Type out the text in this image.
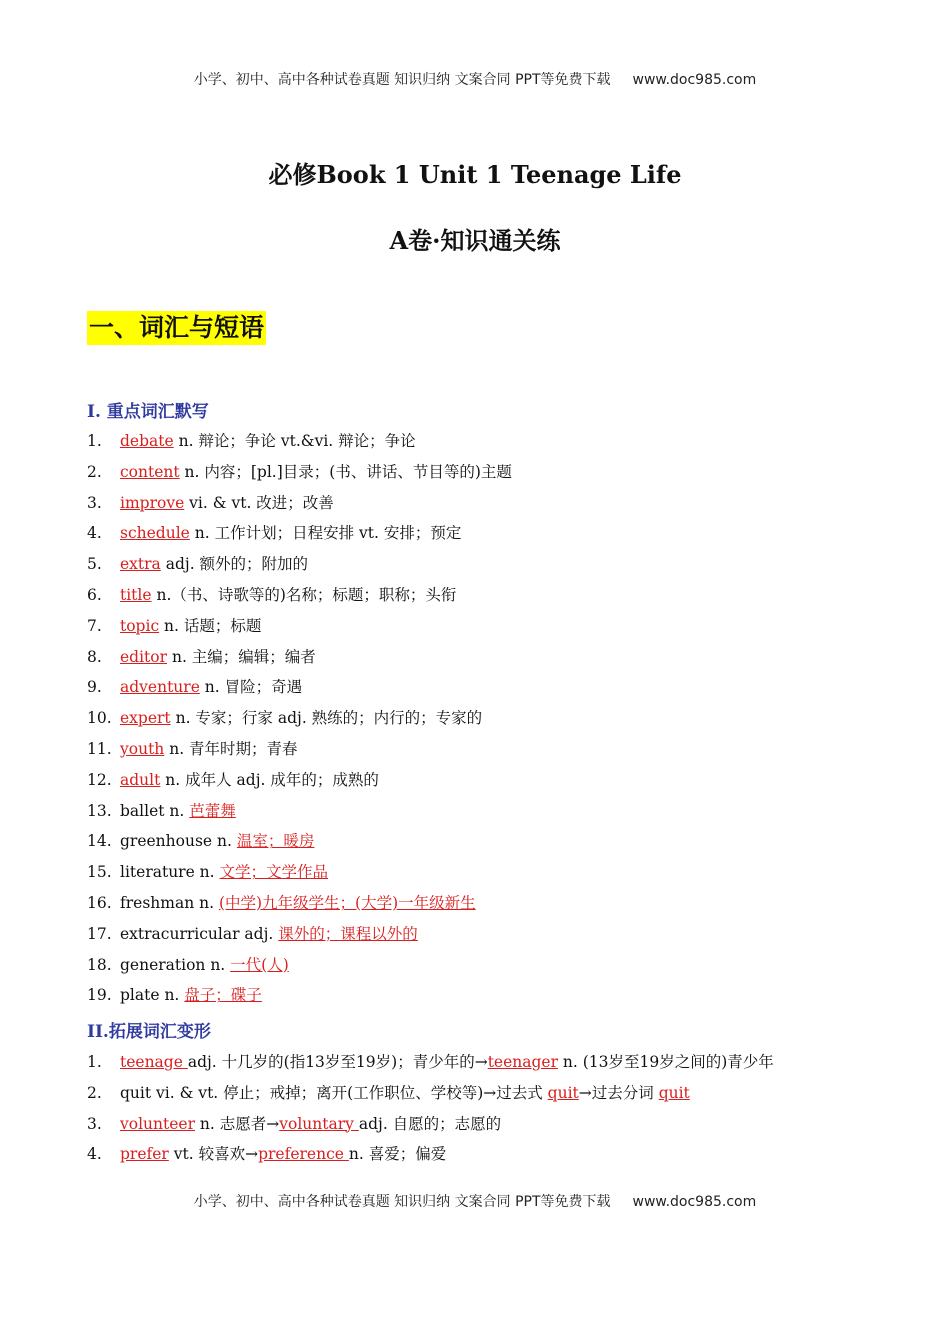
小学、初中、高中各种试卷真题 知识归纳 文案合同 PPT等免费下载 www.doc985.com
必修Book 1 Unit 1 Teenage Life
A卷·知识通关练
一、词汇与短语
I. 重点词汇默写
1. debate n. 辩论；争论 vt.&vi. 辩论；争论
2. content n. 内容；[pl.]目录；(书、讲话、节目等的)主题
3. improve vi. & vt. 改进；改善
4. schedule n. 工作计划；日程安排 vt. 安排；预定
5. extra adj. 额外的；附加的
6. title n.（书、诗歌等的)名称；标题；职称；头衔
7. topic n. 话题；标题
8. editor n. 主编；编辑；编者
9. adventure n. 冒险；奇遇
10. expert n. 专家；行家 adj. 熟练的；内行的；专家的
11. youth n. 青年时期；青春
12. adult n. 成年人 adj. 成年的；成熟的
13. ballet n. 芭蕾舞
14. greenhouse n. 温室；暖房
15. literature n. 文学；文学作品
16. freshman n. (中学)九年级学生；(大学)一年级新生
17. extracurricular adj. 课外的；课程以外的
18. generation n. 一代(人)
19. plate n. 盘子；碟子
II.拓展词汇变形
1. teenage adj. 十几岁的(指13岁至19岁)；青少年的→teenager n. (13岁至19岁之间的)青少年
2. quit vi. & vt. 停止；戒掉；离开(工作职位、学校等)→过去式 quit→过去分词 quit
3. volunteer n. 志愿者→voluntary adj. 自愿的；志愿的
4. prefer vt. 较喜欢→preference n. 喜爱；偏爱
小学、初中、高中各种试卷真题 知识归纳 文案合同 PPT等免费下载 www.doc985.com
